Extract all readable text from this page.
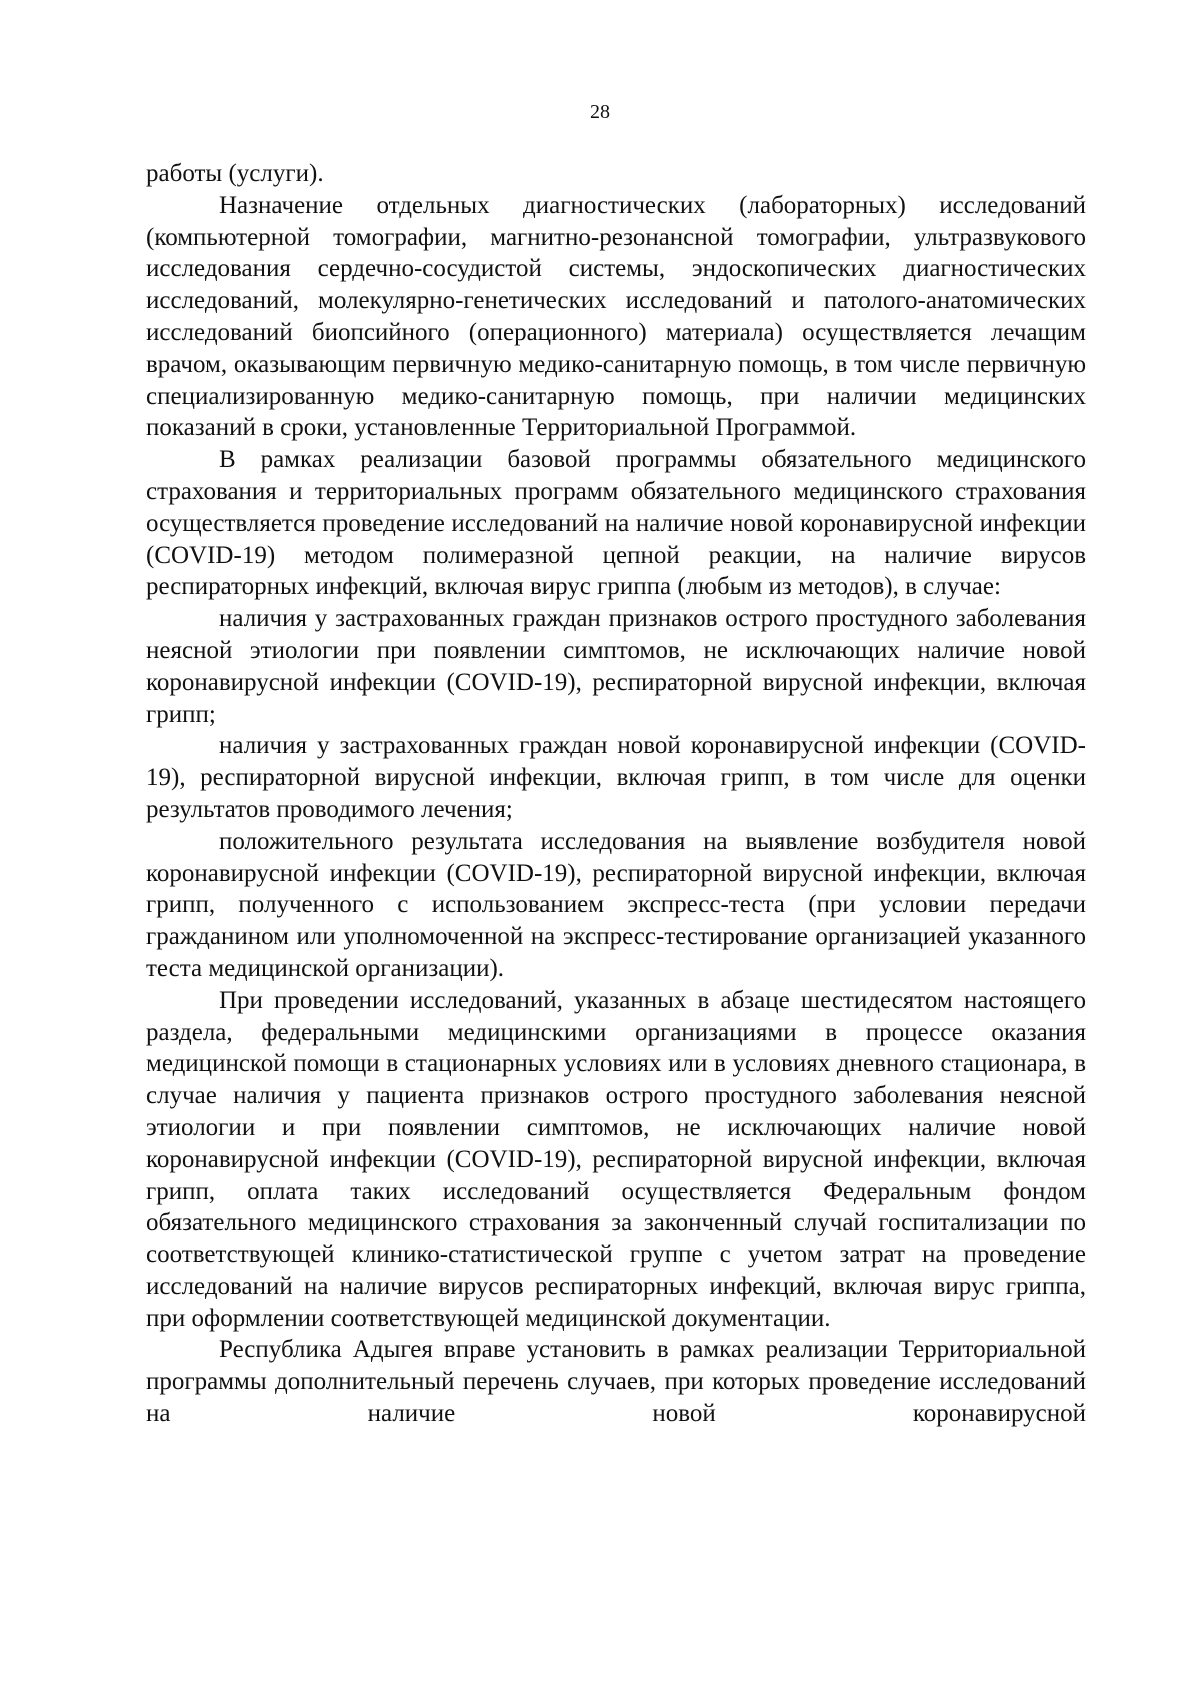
28

работы (услуги).

Назначение отдельных диагностических (лабораторных) исследований (компьютерной томографии, магнитно-резонансной томографии, ультразвукового исследования сердечно-сосудистой системы, эндоскопических диагностических исследований, молекулярно-генетических исследований и патолого-анатомических исследований биопсийного (операционного) материала) осуществляется лечащим врачом, оказывающим первичную медико-санитарную помощь, в том числе первичную специализированную медико-санитарную помощь, при наличии медицинских показаний в сроки, установленные Территориальной Программой.

В рамках реализации базовой программы обязательного медицинского страхования и территориальных программ обязательного медицинского страхования осуществляется проведение исследований на наличие новой коронавирусной инфекции (COVID-19) методом полимеразной цепной реакции, на наличие вирусов респираторных инфекций, включая вирус гриппа (любым из методов), в случае:

наличия у застрахованных граждан признаков острого простудного заболевания неясной этиологии при появлении симптомов, не исключающих наличие новой коронавирусной инфекции (COVID-19), респираторной вирусной инфекции, включая грипп;

наличия у застрахованных граждан новой коронавирусной инфекции (COVID-19), респираторной вирусной инфекции, включая грипп, в том числе для оценки результатов проводимого лечения;

положительного результата исследования на выявление возбудителя новой коронавирусной инфекции (COVID-19), респираторной вирусной инфекции, включая грипп, полученного с использованием экспресс-теста (при условии передачи гражданином или уполномоченной на экспресс-тестирование организацией указанного теста медицинской организации).

При проведении исследований, указанных в абзаце шестидесятом настоящего раздела, федеральными медицинскими организациями в процессе оказания медицинской помощи в стационарных условиях или в условиях дневного стационара, в случае наличия у пациента признаков острого простудного заболевания неясной этиологии и при появлении симптомов, не исключающих наличие новой коронавирусной инфекции (COVID-19), респираторной вирусной инфекции, включая грипп, оплата таких исследований осуществляется Федеральным фондом обязательного медицинского страхования за законченный случай госпитализации по соответствующей клинико-статистической группе с учетом затрат на проведение исследований на наличие вирусов респираторных инфекций, включая вирус гриппа, при оформлении соответствующей медицинской документации.

Республика Адыгея вправе установить в рамках реализации Территориальной программы дополнительный перечень случаев, при которых проведение исследований на наличие новой коронавирусной
